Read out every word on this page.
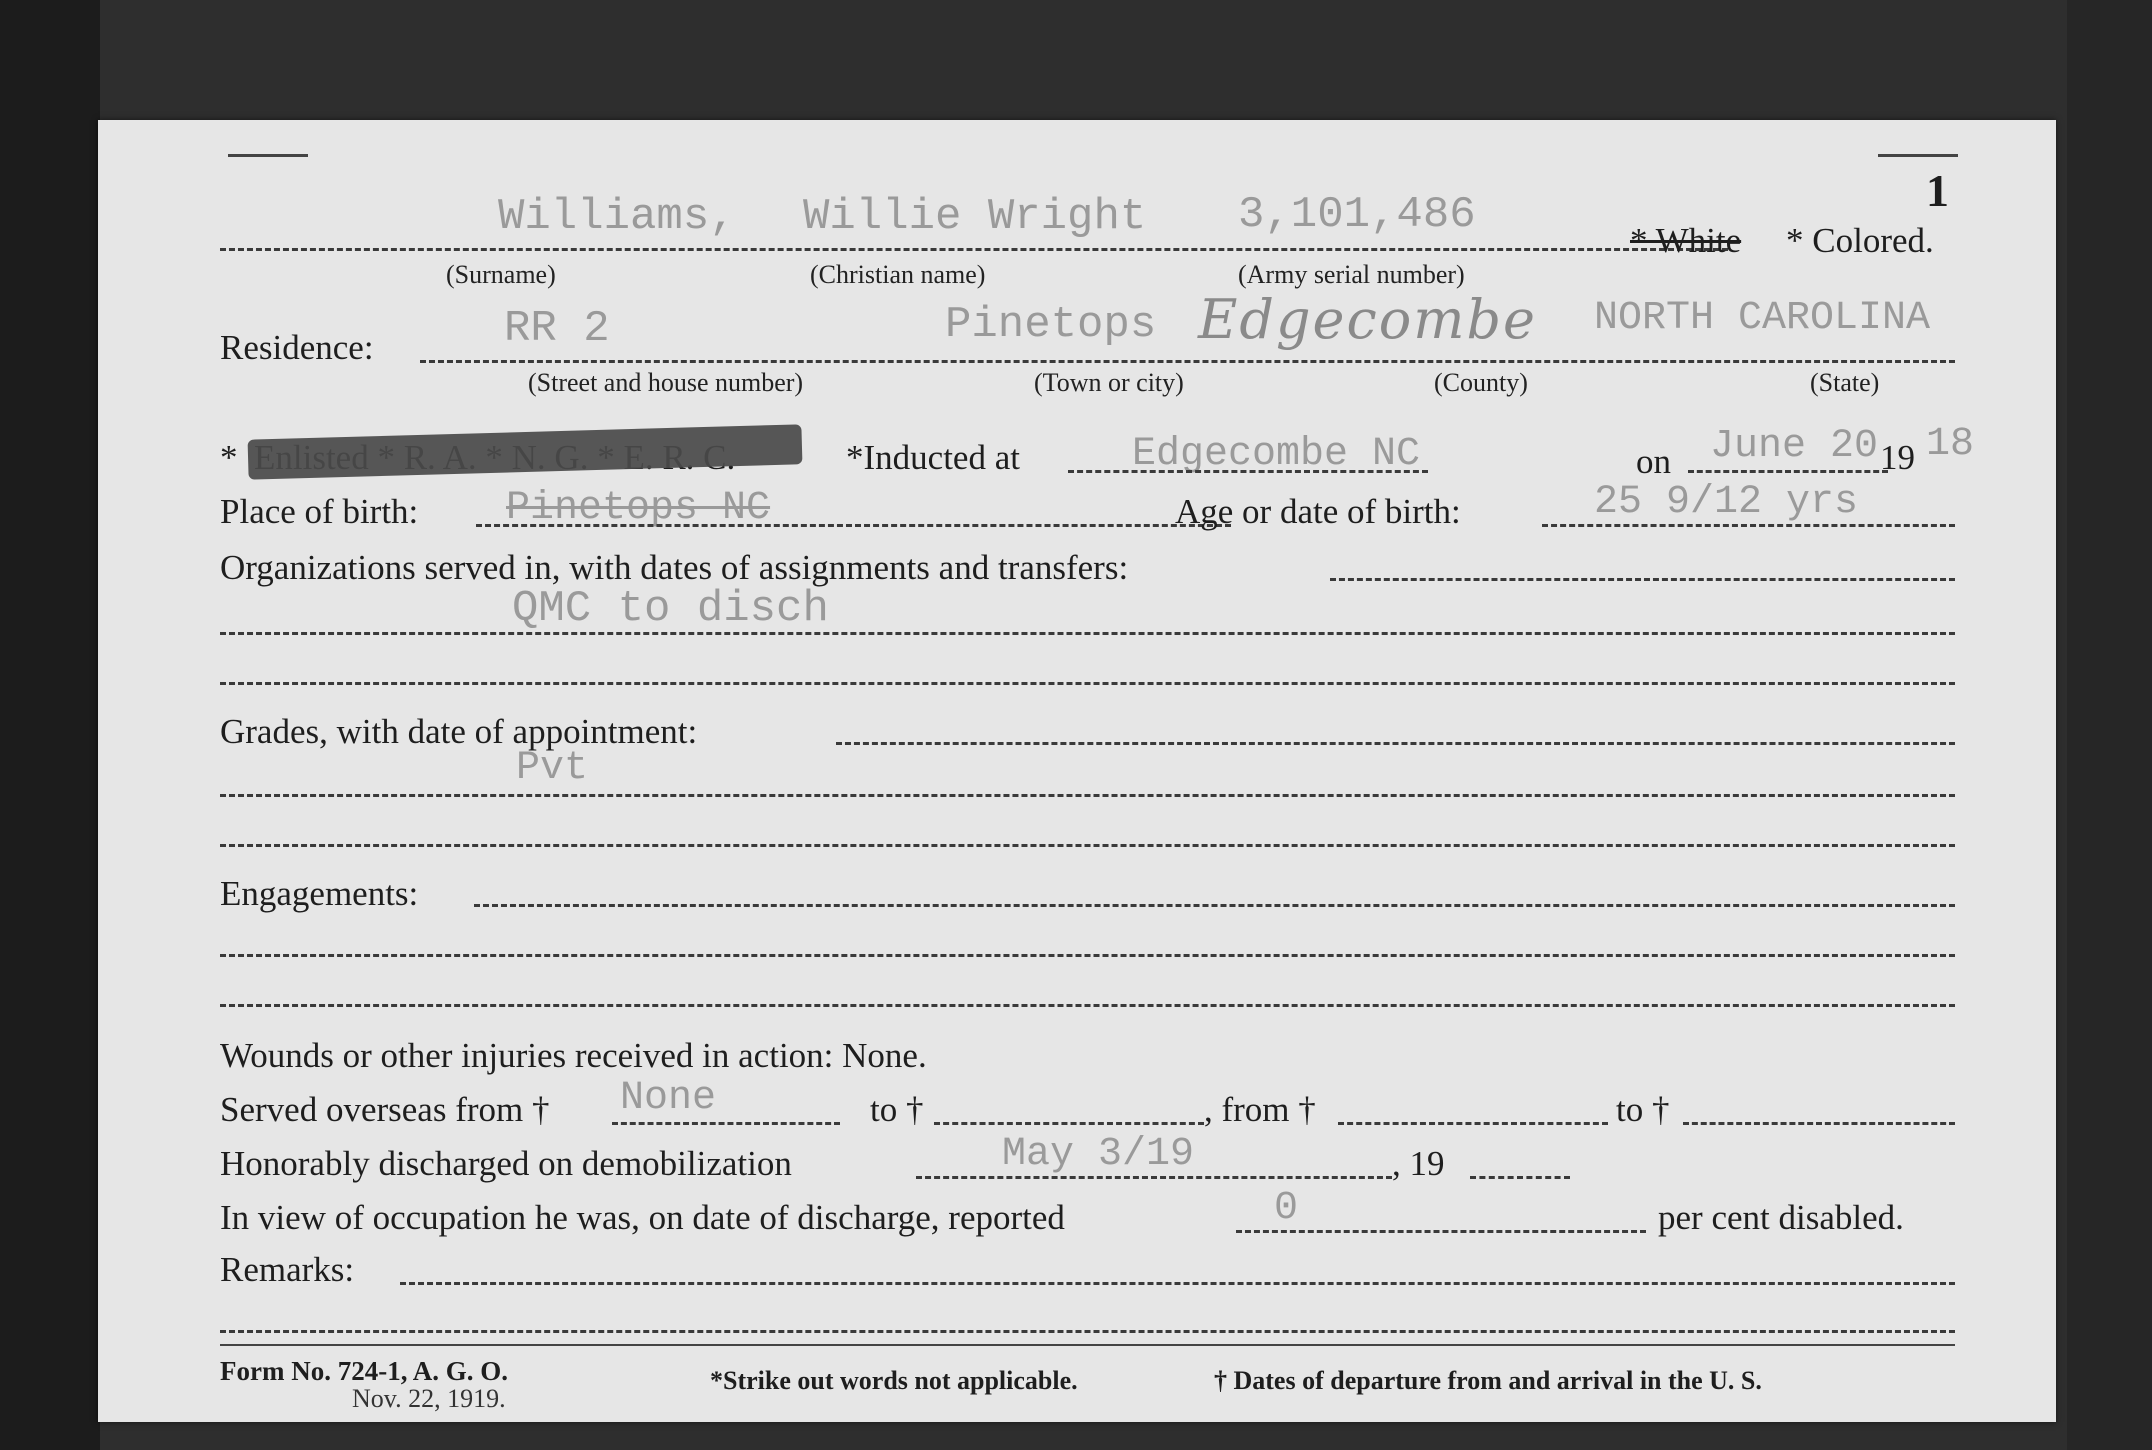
1
Williams, Willie Wright 3,101,486
* White * Colored.
(Surname)	(Christian name)	(Army serial number)
Residence:	RR 2	Pinetops Edgecombe NORTH CAROLINA
(Street and house number)	(Town or city)	(County)	(State)
*	*Inducted at	Edgecombe NC	on June 20 19 18
Place of birth: Pinetops NC	Age or date of birth:	25 9/12 yrs
Organizations served in, with dates of assignments and transfers:
QMC to disch
Grades, with date of appointment:
Pvt
Engagements:
Wounds or other injuries received in action: None.
Served overseas from † None	to †	, from †	to †
Honorably discharged on demobilization	May 3/19	, 19
In view of occupation he was, on date of discharge, reported	0	per cent disabled.
Remarks:
Form No. 724-1, A. G. O.
Nov. 22, 1919.
*Strike out words not applicable.	† Dates of departure from and arrival in the U. S.
